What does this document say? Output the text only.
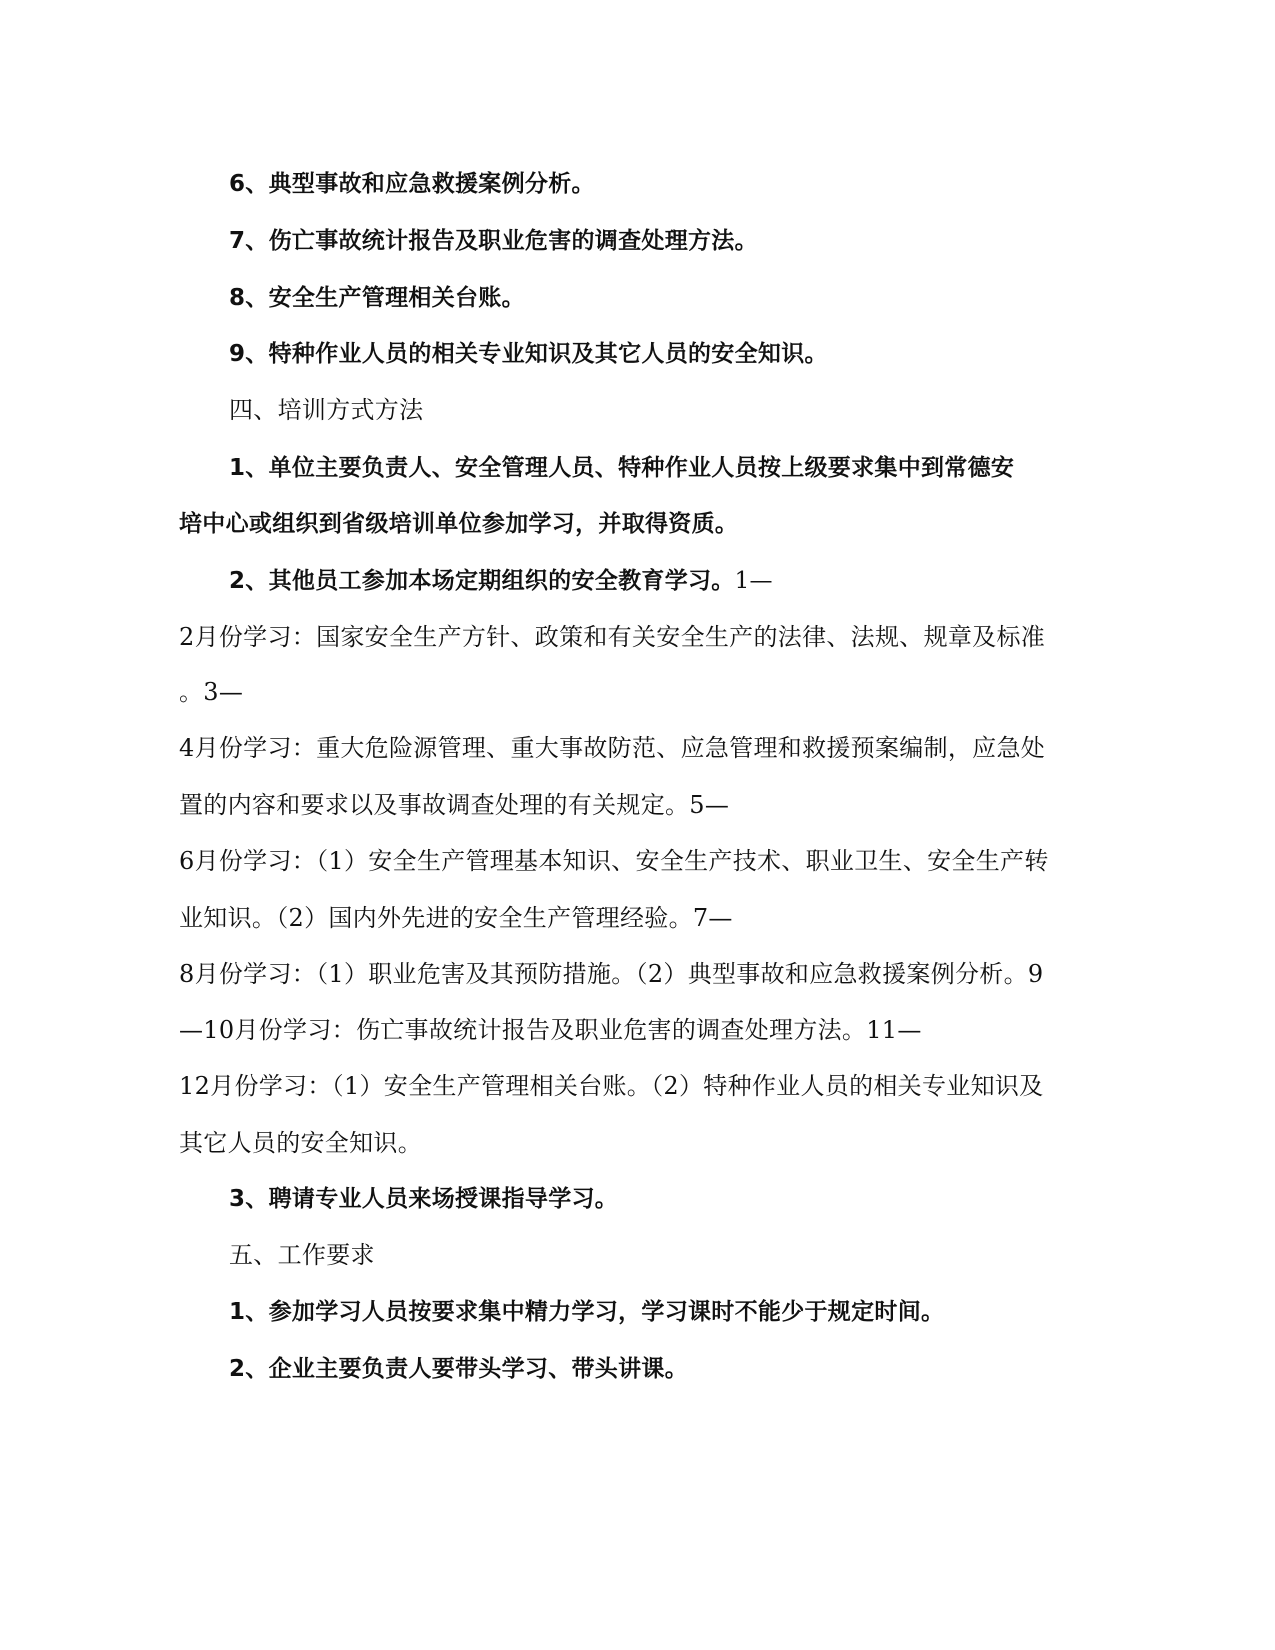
6、典型事故和应急救援案例分析。
7、伤亡事故统计报告及职业危害的调查处理方法。
8、安全生产管理相关台账。
9、特种作业人员的相关专业知识及其它人员的安全知识。
四、培训方式方法
1、单位主要负责人、安全管理人员、特种作业人员按上级要求集中到常德安
培中心或组织到省级培训单位参加学习，并取得资质。
2、其他员工参加本场定期组织的安全教育学习。1—
2月份学习：国家安全生产方针、政策和有关安全生产的法律、法规、规章及标准
。3—
4月份学习：重大危险源管理、重大事故防范、应急管理和救援预案编制，应急处
置的内容和要求以及事故调查处理的有关规定。5—
6月份学习：（1）安全生产管理基本知识、安全生产技术、职业卫生、安全生产转
业知识。（2）国内外先进的安全生产管理经验。7—
8月份学习：（1）职业危害及其预防措施。（2）典型事故和应急救援案例分析。9
—10月份学习：伤亡事故统计报告及职业危害的调查处理方法。11—
12月份学习：（1）安全生产管理相关台账。（2）特种作业人员的相关专业知识及
其它人员的安全知识。
3、聘请专业人员来场授课指导学习。
五、工作要求
1、参加学习人员按要求集中精力学习，学习课时不能少于规定时间。
2、企业主要负责人要带头学习、带头讲课。
